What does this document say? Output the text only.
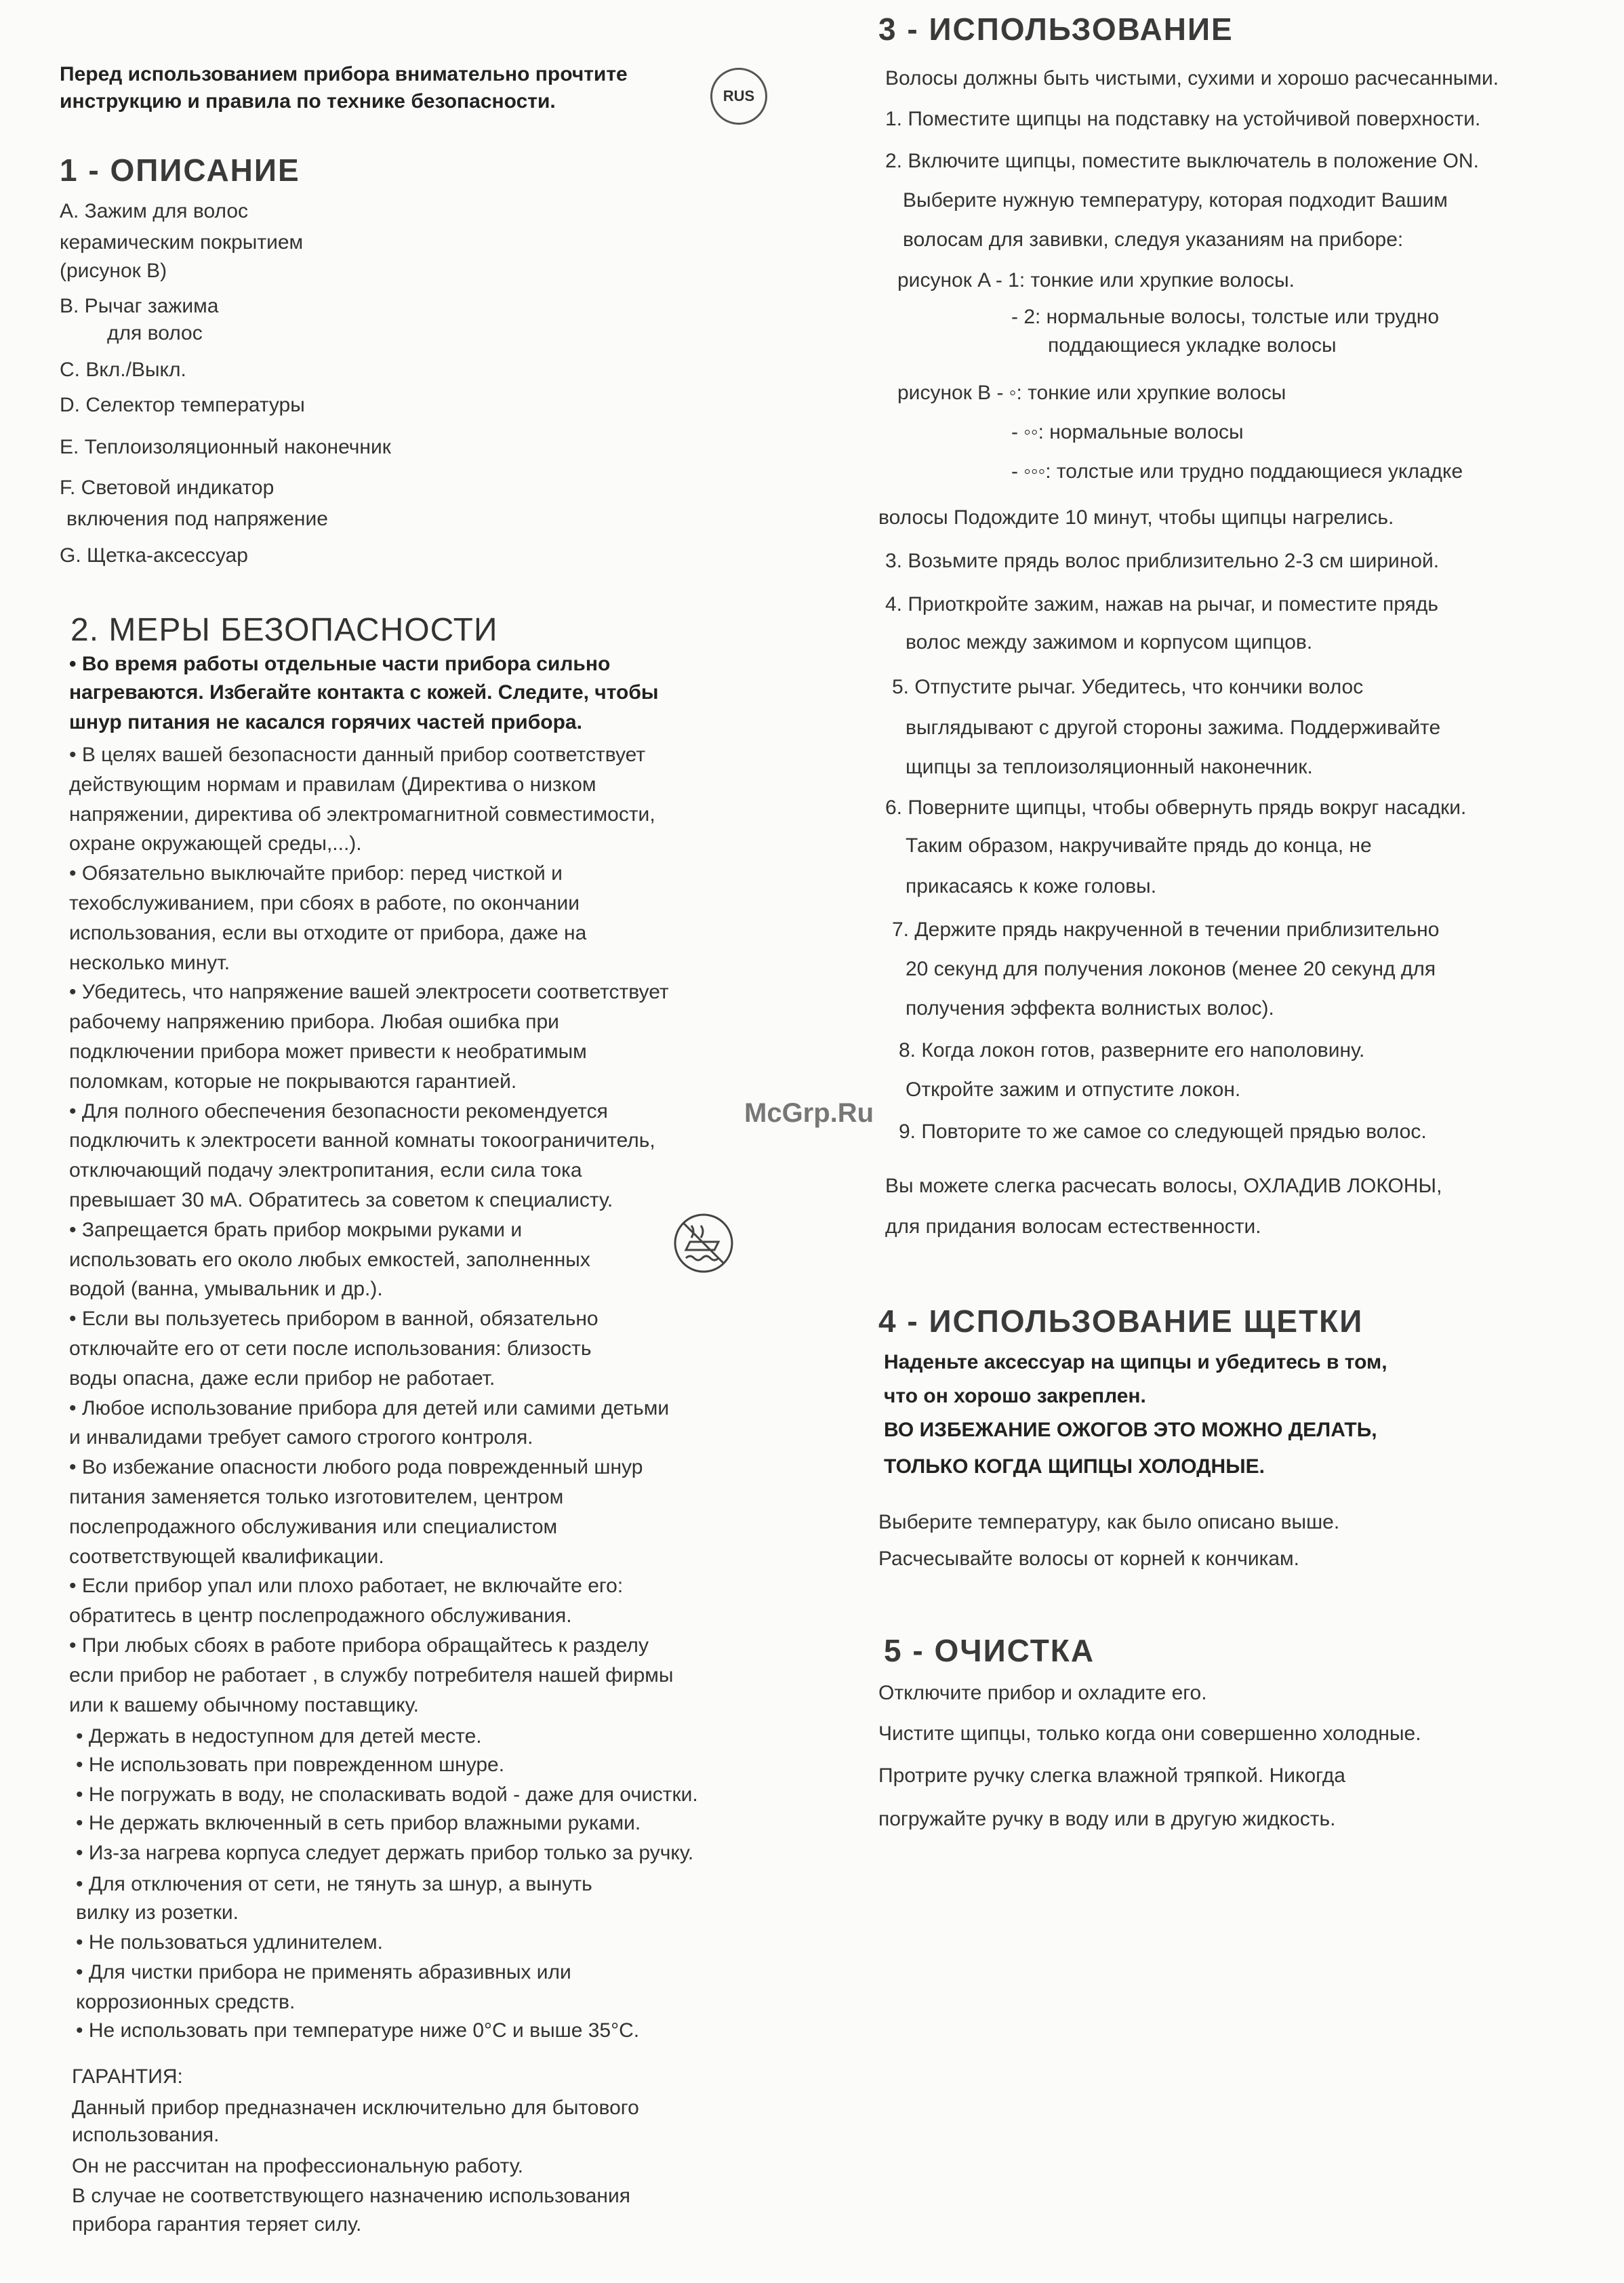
Перед использованием прибора внимательно прочтите

инструкцию и правила по технике безопасности.

1 - ОПИСАНИЕ

A. Зажим для волос

керамическим покрытием

(рисунок В)

B. Рычаг зажима

для волос

C. Вкл./Выкл.

D. Селектор температуры

E. Теплоизоляционный наконечник

F. Световой индикатор

включения под напряжение

G. Щетка-аксессуар

2. МЕРЫ БЕЗОПАСНОСТИ

• Во время работы отдельные части прибора сильно

нагреваются. Избегайте контакта с кожей. Следите, чтобы

шнур питания не касался горячих частей прибора.

• В целях вашей безопасности данный прибор соответствует

действующим нормам и правилам (Директива о низком

напряжении, директива об электромагнитной совместимости,

охране окружающей среды,...).

• Обязательно выключайте прибор: перед чисткой и

техобслуживанием, при сбоях в работе, по окончании

использования, если вы отходите от прибора, даже на

несколько минут.

• Убедитесь, что напряжение вашей электросети соответствует

рабочему напряжению прибора. Любая ошибка при

подключении прибора может привести к необратимым

поломкам, которые не покрываются гарантией.

• Для полного обеспечения безопасности рекомендуется

подключить к электросети ванной комнаты токоограничитель,

отключающий подачу электропитания, если сила тока

превышает 30 мА. Обратитесь за советом к специалисту.

• Запрещается брать прибор мокрыми руками и

использовать его около любых емкостей, заполненных

водой (ванна, умывальник и др.).

• Если вы пользуетесь прибором в ванной, обязательно

отключайте его от сети после использования: близость

воды опасна, даже если прибор не работает.

• Любое использование прибора для детей или самими детьми

и инвалидами требует самого строгого контроля.

• Во избежание опасности любого рода поврежденный шнур

питания заменяется только изготовителем, центром

послепродажного обслуживания или специалистом

соответствующей квалификации.

• Если прибор упал или плохо работает, не включайте его:

обратитесь в центр послепродажного обслуживания.

• При любых сбоях в работе прибора обращайтесь к разделу

если прибор не работает , в службу потребителя нашей фирмы

или к вашему обычному поставщику.

• Держать в недоступном для детей месте.

• Не использовать при поврежденном шнуре.

• Не погружать в воду, не споласкивать водой - даже для очистки.

• Не держать включенный в сеть прибор влажными руками.

• Из-за нагрева корпуса следует держать прибор только за ручку.

• Для отключения от сети, не тянуть за шнур, а вынуть

вилку из розетки.

• Не пользоваться удлинителем.

• Для чистки прибора не применять абразивных или

коррозионных средств.

• Не использовать при температуре ниже 0°C и выше 35°C.

ГАРАНТИЯ:

Данный прибор предназначен исключительно для бытового

использования.

Он не рассчитан на профессиональную работу.

В случае не соответствующего назначению использования

прибора гарантия теряет силу.

RUS
McGrp.Ru

3 - ИСПОЛЬЗОВАНИЕ

Волосы должны быть чистыми, сухими и хорошо расчесанными.

1. Поместите щипцы на подставку на устойчивой поверхности.

2. Включите щипцы, поместите выключатель в положение ON.

Выберите нужную температуру, которая подходит Вашим

волосам для завивки, следуя указаниям на приборе:

рисунок A - 1: тонкие или хрупкие волосы.

- 2: нормальные волосы, толстые или трудно

поддающиеся укладке волосы

рисунок B - ◦: тонкие или хрупкие волосы

- ◦◦: нормальные волосы

- ◦◦◦: толстые или трудно поддающиеся укладке

волосы Подождите 10 минут, чтобы щипцы нагрелись.

3. Возьмите прядь волос приблизительно 2-3 см шириной.

4. Приоткройте зажим, нажав на рычаг, и поместите прядь

волос между зажимом и корпусом щипцов.

5. Отпустите рычаг. Убедитесь, что кончики волос

выглядывают с другой стороны зажима. Поддерживайте

щипцы за теплоизоляционный наконечник.

6. Поверните щипцы, чтобы обвернуть прядь вокруг насадки.

Таким образом, накручивайте прядь до конца, не

прикасаясь к коже головы.

7. Держите прядь накрученной в течении приблизительно

20 секунд для получения локонов (менее 20 секунд для

получения эффекта волнистых волос).

8. Когда локон готов, разверните его наполовину.

Откройте зажим и отпустите локон.

9. Повторите то же самое со следующей прядью волос.

Вы можете слегка расчесать волосы, ОХЛАДИВ ЛОКОНЫ,

для придания волосам естественности.

4 - ИСПОЛЬЗОВАНИЕ ЩЕТКИ

Наденьте аксессуар на щипцы и убедитесь в том,

что он хорошо закреплен.

ВО ИЗБЕЖАНИЕ ОЖОГОВ ЭТО МОЖНО ДЕЛАТЬ,

ТОЛЬКО КОГДА ЩИПЦЫ ХОЛОДНЫЕ.

Выберите температуру, как было описано выше.

Расчесывайте волосы от корней к кончикам.

5 - ОЧИСТКА

Отключите прибор и охладите его.

Чистите щипцы, только когда они совершенно холодные.

Протрите ручку слегка влажной тряпкой. Никогда

погружайте ручку в воду или в другую жидкость.
